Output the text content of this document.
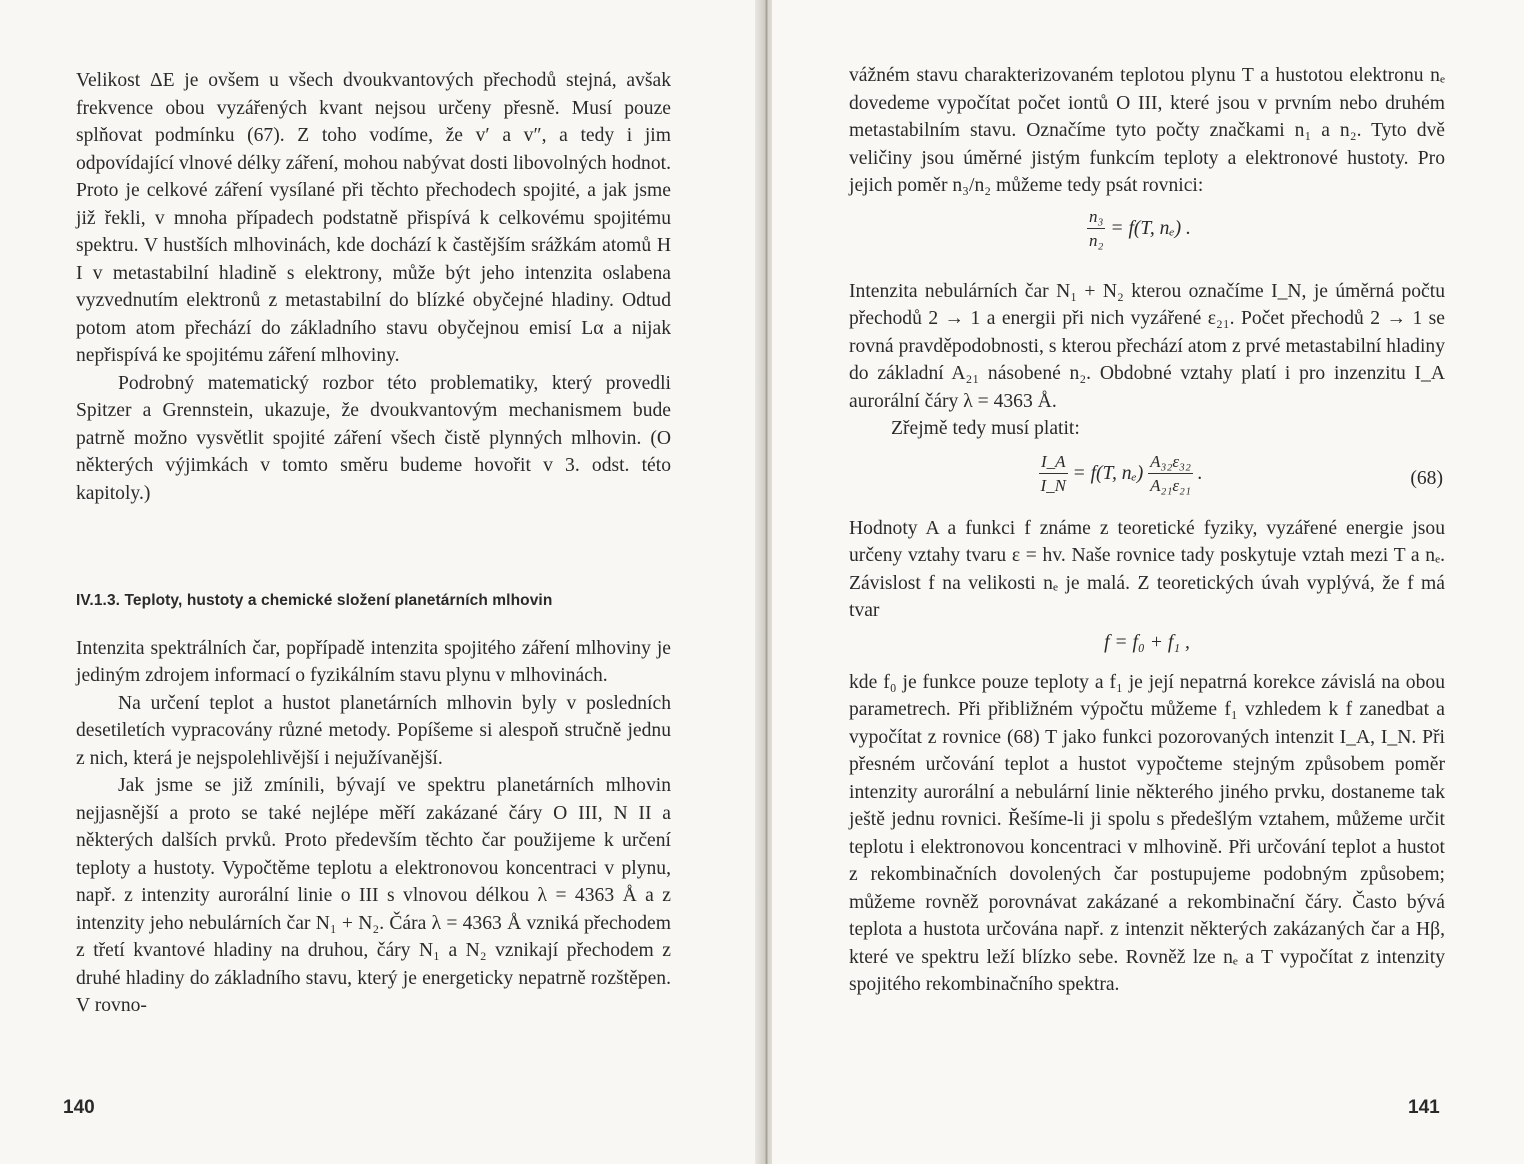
Velikost ΔE je ovšem u všech dvoukvantových přechodů stejná, avšak frekvence obou vyzářených kvant nejsou určeny přesně. Musí pouze splňovat podmínku (67). Z toho vodíme, že v′ a v″, a tedy i jim odpovídající vlnové délky záření, mohou nabývat dosti libovolných hodnot. Proto je celkové záření vysílané při těchto přechodech spojité, a jak jsme již řekli, v mnoha případech podstatně přispívá k celkovému spojitému spektru. V hustších mlhovinách, kde dochází k častějším srážkám atomů H I v metastabilní hladině s elektrony, může být jeho intenzita oslabena vyzvednutím elektronů z metastabilní do blízké obyčejné hladiny. Odtud potom atom přechází do základního stavu obyčejnou emisí Lα a nijak nepřispívá ke spojitému záření mlhoviny.

Podrobný matematický rozbor této problematiky, který provedli Spitzer a Grennstein, ukazuje, že dvoukvantovým mechanismem bude patrně možno vysvětlit spojité záření všech čistě plynných mlhovin. (O některých výjimkách v tomto směru budeme hovořit v 3. odst. této kapitoly.)

IV.1.3. Teploty, hustoty a chemické složení planetárních mlhovin

Intenzita spektrálních čar, popřípadě intenzita spojitého záření mlhoviny je jediným zdrojem informací o fyzikálním stavu plynu v mlhovinách.

Na určení teplot a hustot planetárních mlhovin byly v posledních desetiletích vypracovány různé metody. Popíšeme si alespoň stručně jednu z nich, která je nejspolehlivější i nejužívanější.

Jak jsme se již zmínili, bývají ve spektru planetárních mlhovin nejjasnější a proto se také nejlépe měří zakázané čáry O III, N II a některých dalších prvků. Proto především těchto čar použijeme k určení teploty a hustoty. Vypočtěme teplotu a elektronovou koncentraci v plynu, např. z intenzity aurorální linie o III s vlnovou délkou λ = 4363 Å a z intenzity jeho nebulárních čar N₁ + N₂. Čára λ = 4363 Å vzniká přechodem z třetí kvantové hladiny na druhou, čáry N₁ a N₂ vznikají přechodem z druhé hladiny do základního stavu, který je energeticky nepatrně rozštěpen. V rovno-

140

vážném stavu charakterizovaném teplotou plynu T a hustotou elektronu nₑ dovedeme vypočítat počet iontů O III, které jsou v prvním nebo druhém metastabilním stavu. Označíme tyto počty značkami n₁ a n₂. Tyto dvě veličiny jsou úměrné jistým funkcím teploty a elektronové hustoty. Pro jejich poměr n₃/n₂ můžeme tedy psát rovnici:

$\frac{\text{n₃}}{\text{n₂}} = f(T$, nₑ) .

Intenzita nebulárních čar N₁ + N₂ kterou označíme I_N, je úměrná počtu přechodů 2 → 1 a energii při nich vyzářené ε₂₁. Počet přechodů 2 → 1 se rovná pravděpodobnosti, s kterou přechází atom z prvé metastabilní hladiny do základní A₂₁ násobené n₂. Obdobné vztahy platí i pro inzenzitu I_A aurorální čáry λ = 4363 Å.

Zřejmě tedy musí platit:

$\frac{I\_A}{I\_N} = f(T$, $n_e) \frac{\text{A₃₂ε₃₂}}{\text{A₂₁ε₂₁}}$ .	(68)

Hodnoty A a funkci f známe z teoretické fyziky, vyzářené energie jsou určeny vztahy tvaru ε = hv. Naše rovnice tady poskytuje vztah mezi T a nₑ. Závislost f na velikosti nₑ je malá. Z teoretických úvah vyplývá, že f má tvar

f = f₀ + f₁ ,

kde f₀ je funkce pouze teploty a f₁ je její nepatrná korekce závislá na obou parametrech. Při přibližném výpočtu můžeme f₁ vzhledem k f zanedbat a vypočítat z rovnice (68) T jako funkci pozorovaných intenzit I_A, I_N. Při přesném určování teplot a hustot vypočteme stejným způsobem poměr intenzity aurorální a nebulární linie některého jiného prvku, dostaneme tak ještě jednu rovnici. Řešíme-li ji spolu s předešlým vztahem, můžeme určit teplotu i elektronovou koncentraci v mlhovině. Při určování teplot a hustot z rekombinačních dovolených čar postupujeme podobným způsobem; můžeme rovněž porovnávat zakázané a rekombinační čáry. Často bývá teplota a hustota určována např. z intenzit některých zakázaných čar a Hβ, které ve spektru leží blízko sebe. Rovněž lze nₑ a T vypočítat z intenzity spojitého rekombinačního spektra.

141
